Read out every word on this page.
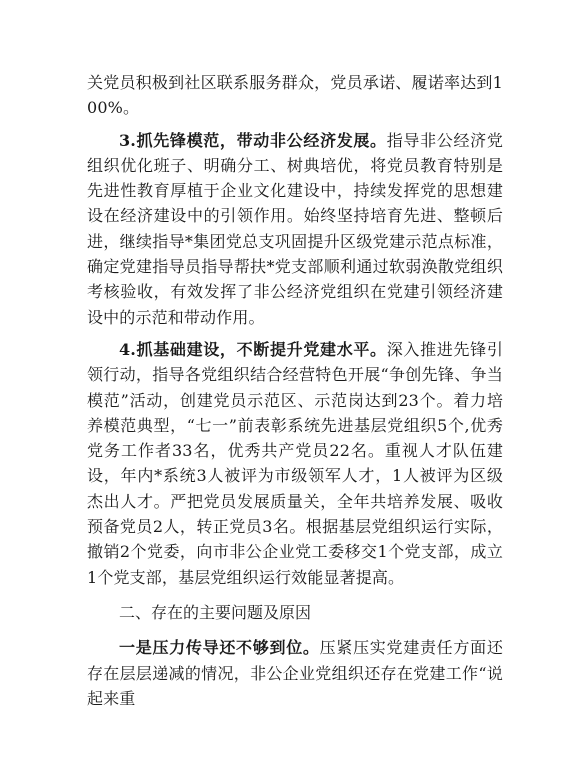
关党员积极到社区联系服务群众，党员承诺、履诺率达到100%。

3.抓先锋模范，带动非公经济发展。指导非公经济党组织优化班子、明确分工、树典培优，将党员教育特别是先进性教育厚植于企业文化建设中，持续发挥党的思想建设在经济建设中的引领作用。始终坚持培育先进、整顿后进，继续指导*集团党总支巩固提升区级党建示范点标准，确定党建指导员指导帮扶*党支部顺利通过软弱涣散党组织考核验收，有效发挥了非公经济党组织在党建引领经济建设中的示范和带动作用。

4.抓基础建设，不断提升党建水平。深入推进先锋引领行动，指导各党组织结合经营特色开展“争创先锋、争当模范”活动，创建党员示范区、示范岗达到23个。着力培养模范典型，“七一”前表彰系统先进基层党组织5个,优秀党务工作者33名，优秀共产党员22名。重视人才队伍建设，年内*系统3人被评为市级领军人才，1人被评为区级杰出人才。严把党员发展质量关，全年共培养发展、吸收预备党员2人，转正党员3名。根据基层党组织运行实际，撤销2个党委，向市非公企业党工委移交1个党支部，成立1个党支部，基层党组织运行效能显著提高。

二、存在的主要问题及原因

一是压力传导还不够到位。压紧压实党建责任方面还存在层层递减的情况，非公企业党组织还存在党建工作“说起来重
